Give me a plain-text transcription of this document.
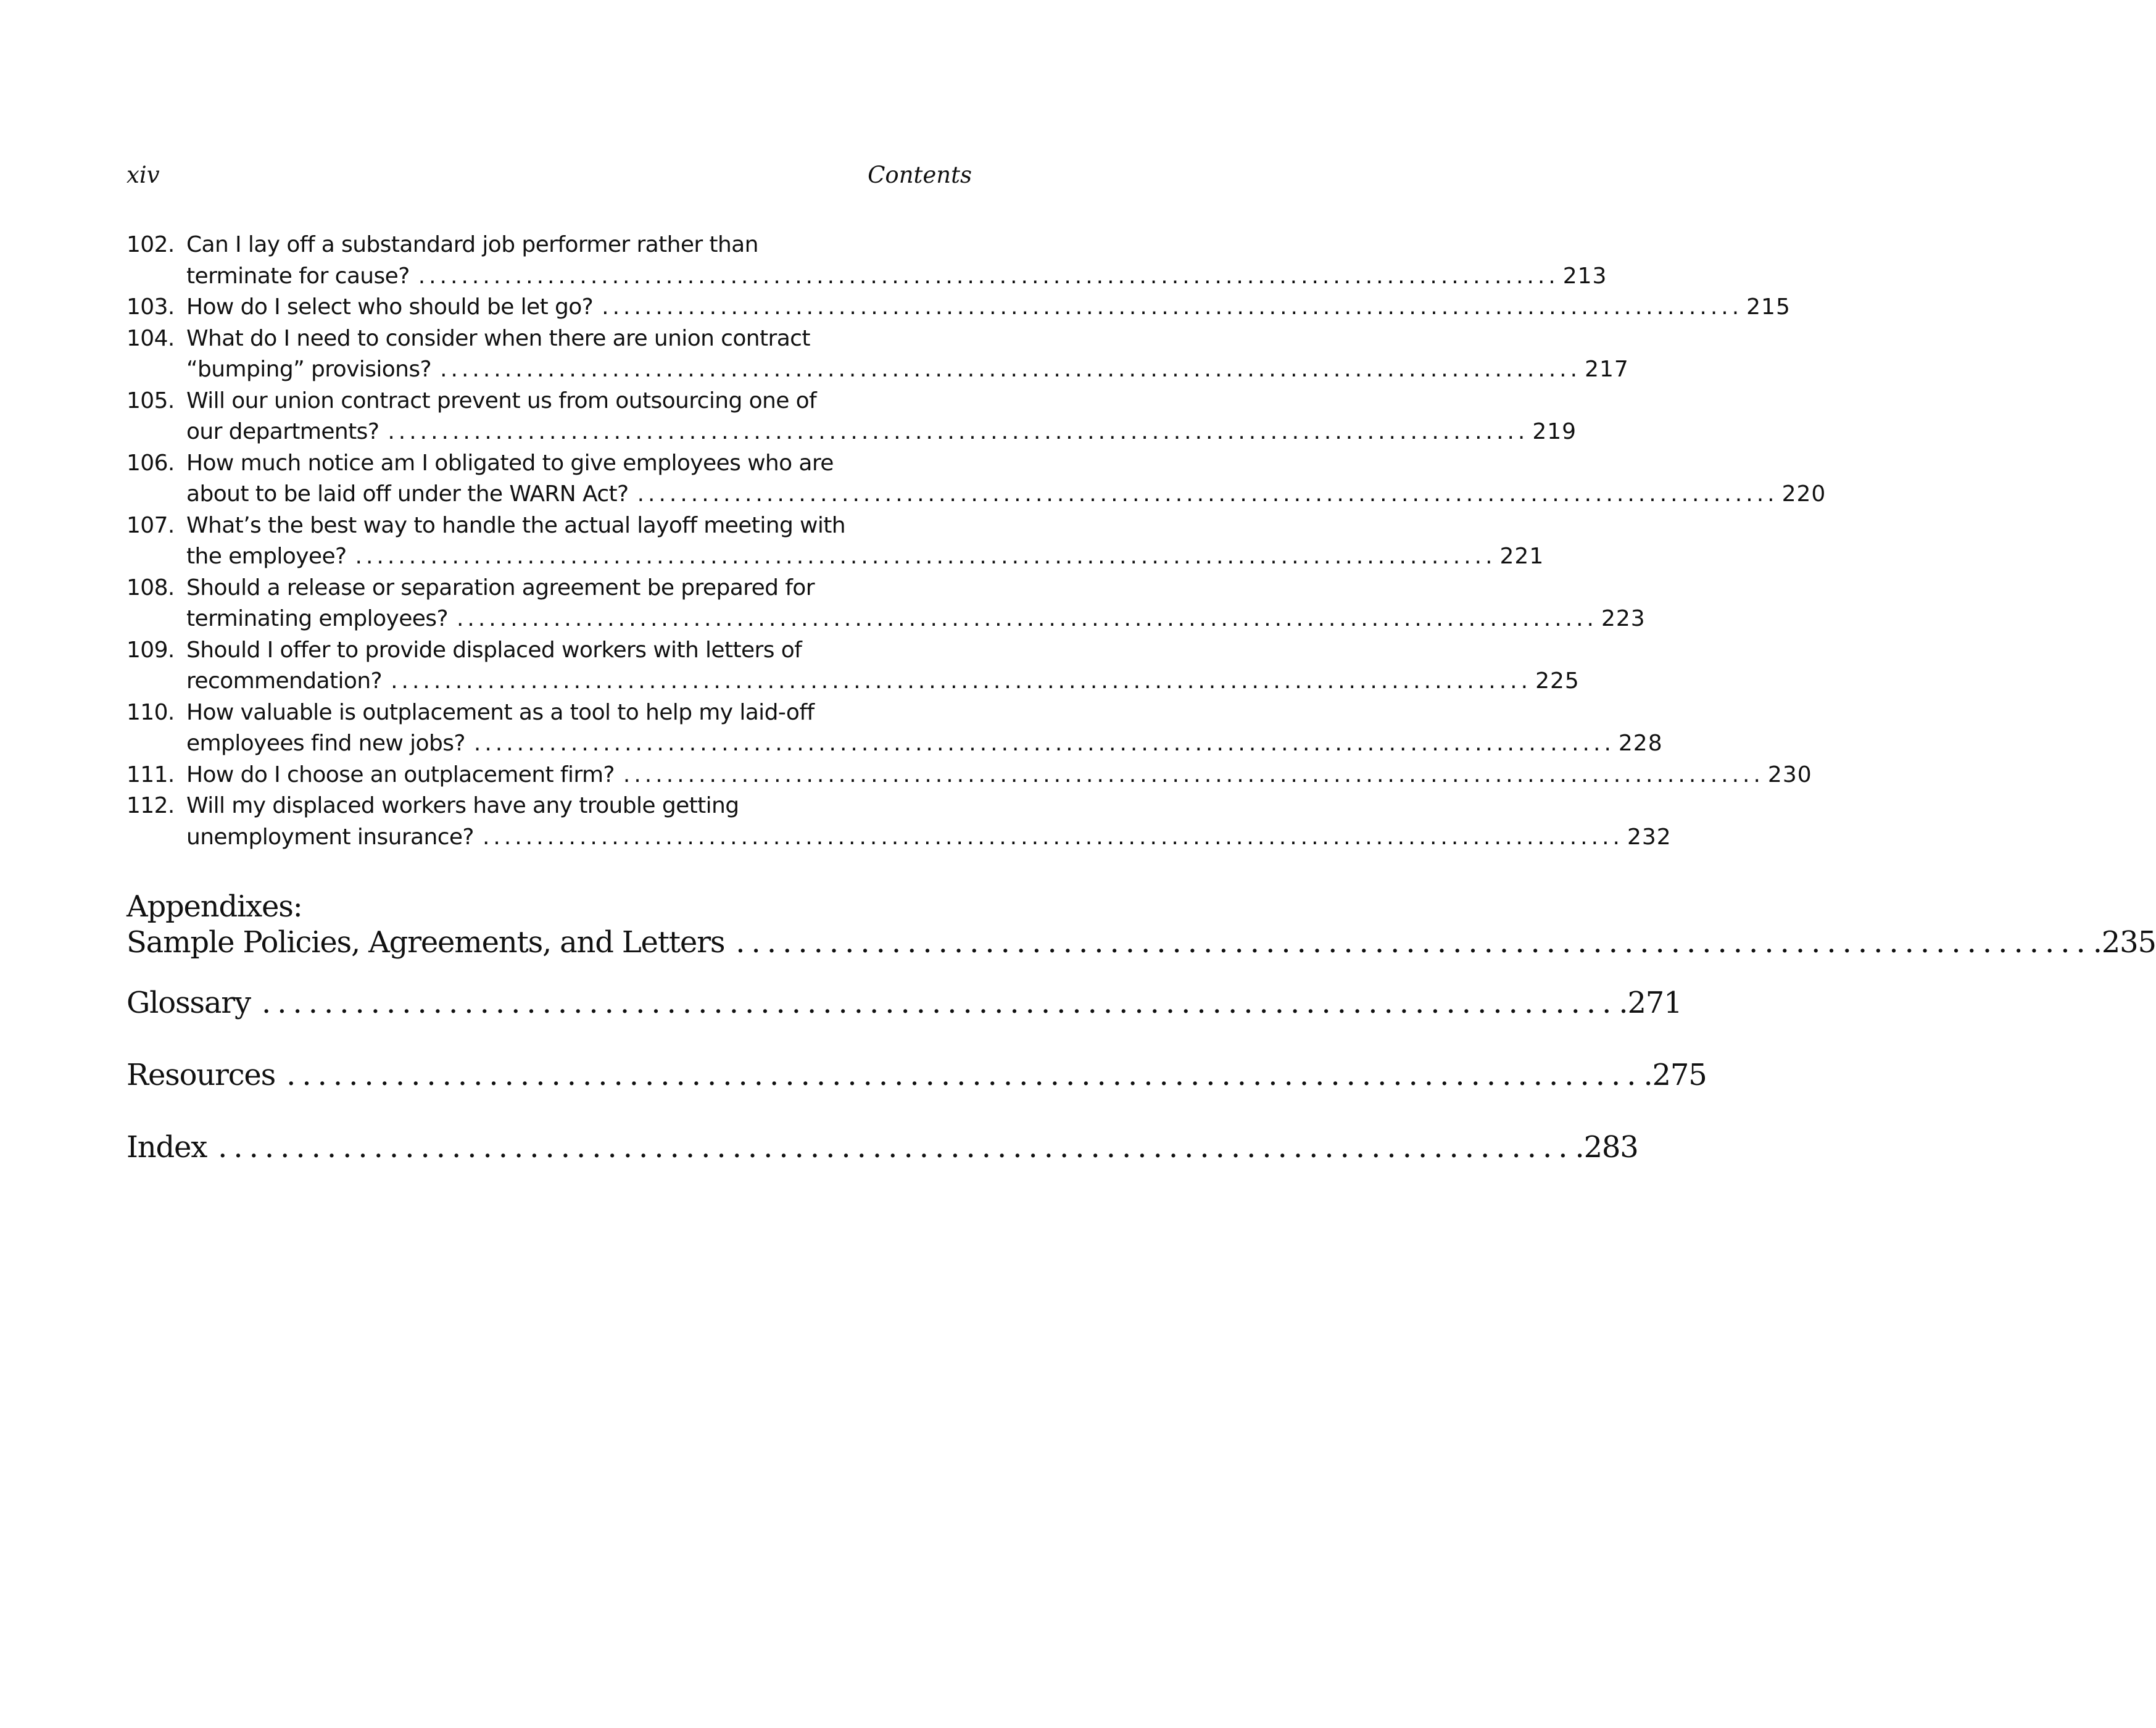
xiv	Contents
102. Can I lay off a substandard job performer rather than
terminate for cause? .......................................................................................................... 213
103. How do I select who should be let go? .......................................................................................................... 215
104. What do I need to consider when there are union contract
“bumping” provisions? .......................................................................................................... 217
105. Will our union contract prevent us from outsourcing one of
our departments? .......................................................................................................... 219
106. How much notice am I obligated to give employees who are
about to be laid off under the WARN Act? .......................................................................................................... 220
107. What’s the best way to handle the actual layoff meeting with
the employee? .......................................................................................................... 221
108. Should a release or separation agreement be prepared for
terminating employees? .......................................................................................................... 223
109. Should I offer to provide displaced workers with letters of
recommendation? .......................................................................................................... 225
110. How valuable is outplacement as a tool to help my laid-off
employees find new jobs? .......................................................................................................... 228
111. How do I choose an outplacement firm? .......................................................................................................... 230
112. Will my displaced workers have any trouble getting
unemployment insurance? .......................................................................................................... 232
Appendixes:
Sample Policies, Agreements, and Letters ....................................................................................... .235
Glossary ....................................................................................... .271
Resources ....................................................................................... .275
Index ....................................................................................... .283
